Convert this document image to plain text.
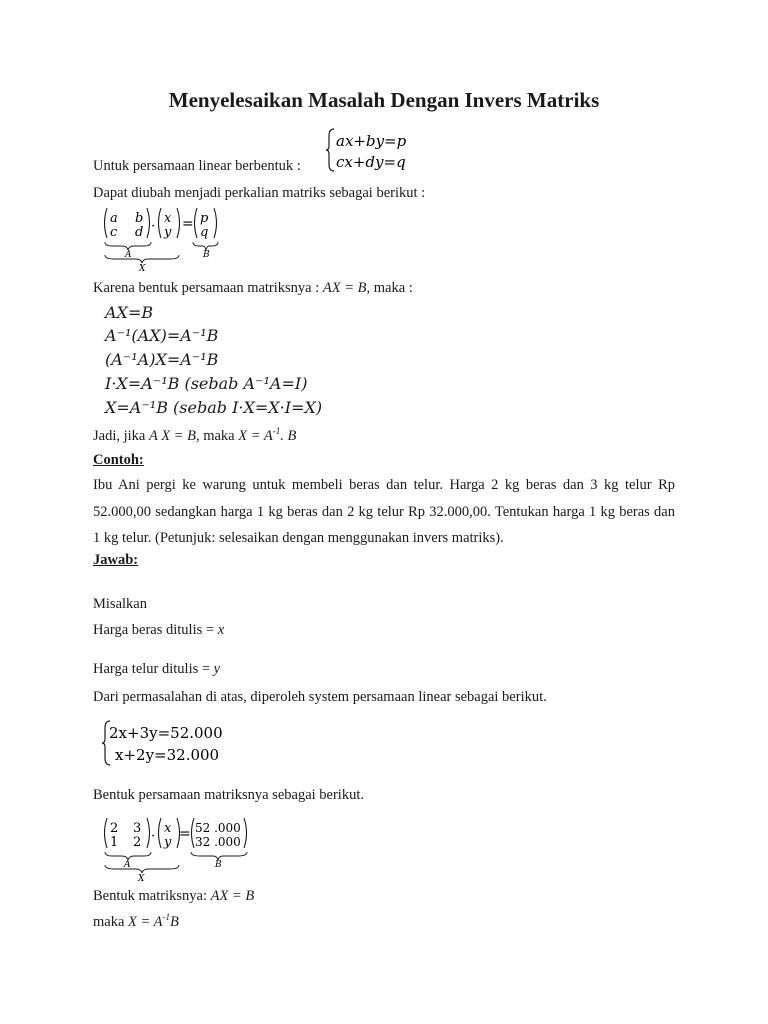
Menyelesaikan Masalah Dengan Invers Matriks
Untuk persamaan linear berbentuk :
ax+by=p
cx+dy=q
Dapat diubah menjadi perkalian matriks sebagai berikut :
a b
c d ·
x
y
= p
q
A	B
X
Karena bentuk persamaan matriksnya : AX = B, maka :
AX=B
A⁻¹(AX)=A⁻¹B
(A⁻¹A)X=A⁻¹B
I·X=A⁻¹B (sebab A⁻¹A=I)
X=A⁻¹B (sebab I·X=X·I=X)
Jadi, jika A X = B, maka $X = A^{-1}$. B
Contoh:
Ibu Ani pergi ke warung untuk membeli beras dan telur. Harga 2 kg beras dan 3 kg telur Rp 52.000,00 sedangkan harga 1 kg beras dan 2 kg telur Rp 32.000,00. Tentukan harga 1 kg beras dan 1 kg telur. (Petunjuk: selesaikan dengan menggunakan invers matriks).
Jawab:
Misalkan
Harga beras ditulis = x
Harga telur ditulis = y
Dari permasalahan di atas, diperoleh system persamaan linear sebagai berikut.
2x+3y=52.000
x+2y=32.000
Bentuk persamaan matriksnya sebagai berikut.
2 3
1 2 ·
x
y
= 52 .000
32 .000
A	B
X
Bentuk matriksnya: AX = B
maka $X = A^{-1}B$
